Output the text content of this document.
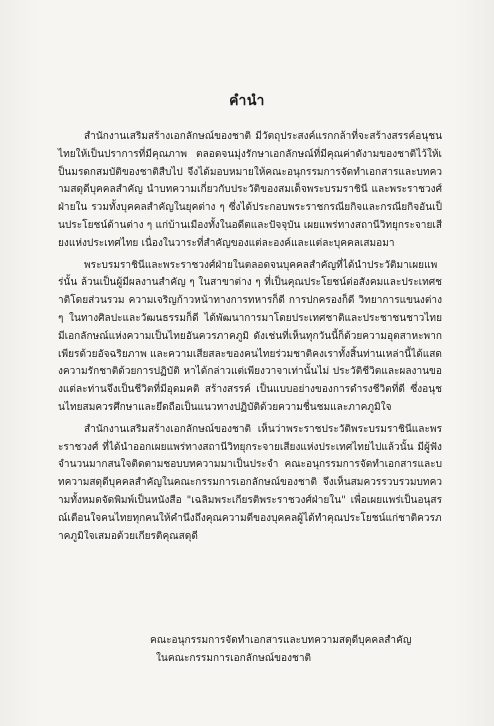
คำนำ

สำนักงานเสริมสร้างเอกลักษณ์ของชาติ มีวัตถุประสงค์แรกกล้าที่จะสร้างสรรค์อนุชนไทยให้เป็นปราการที่มีคุณภาพ ตลอดจนมุ่งรักษาเอกลักษณ์ที่มีคุณค่าดังามของชาติไว้ให้เป็นมรดกสมบัติของชาติสืบไป จึงได้มอบหมายให้คณะอนุกรรมการจัดทำเอกสารและบทความสดุดีบุคคลสำคัญ นำบทความเกี่ยวกับประวัติของสมเด็จพระบรมราชินี และพระราชวงศ์ฝ่ายใน รวมทั้งบุคคลสำคัญในยุคต่าง ๆ ซึ่งได้ประกอบพระราชกรณียกิจและกรณียกิจอันเป็นประโยชน์ด้านต่าง ๆ แก่บ้านเมืองทั้งในอดีตและปัจจุบัน เผยแพร่ทางสถานีวิทยุกระจายเสียงแห่งประเทศไทย เนื่องในวาระที่สำคัญของแต่ละองค์และแต่ละบุคคลเสมอมา

พระบรมราชินีและพระราชวงศ์ฝ่ายในตลอดจนบุคคลสำคัญที่ได้นำประวัติมาเผยแพร่นั้น ล้วนเป็นผู้มีผลงานสำคัญ ๆ ในสาขาต่าง ๆ ที่เป็นคุณประโยชน์ต่อสังคมและประเทศชาติโดยส่วนรวม ความเจริญก้าวหน้าทางการทหารก็ดี การปกครองก็ดี วิทยาการแขนงต่าง ๆ ในทางศิลปะและวัฒนธรรมก็ดี ได้พัฒนาการมาโดยประเทศชาติและประชาชนชาวไทยมีเอกลักษณ์แห่งความเป็นไทยอันควรภาคภูมิ ดังเช่นที่เห็นทุกวันนี้ก็ด้วยความอุตสาหะพากเพียรด้วยอัจฉริยภาพ และความเสียสละของคนไทยร่วมชาติคงเราทั้งสิ้นท่านเหล่านี้ได้แสดงความรักชาติด้วยการปฏิบัติ หาได้กล่าวแต่เพียงวาจาเท่านั้นไม่ ประวัติชีวิตและผลงานของแต่ละท่านจึงเป็นชีวิตที่มีอุดมคติ สร้างสรรค์ เป็นแบบอย่างของการดำรงชีวิตที่ดี ซึ่งอนุชนไทยสมควรศึกษาและยึดถือเป็นแนวทางปฏิบัติด้วยความชื่นชมและภาคภูมิใจ

สำนักงานเสริมสร้างเอกลักษณ์ของชาติ เห็นว่าพระราชประวัติพระบรมราชินีและพระราชวงศ์ ที่ได้นำออกเผยแพร่ทางสถานีวิทยุกระจายเสียงแห่งประเทศไทยไปแล้วนั้น มีผู้ฟังจำนวนมากสนใจติดตามชอบบทความมาเป็นประจำ คณะอนุกรรมการจัดทำเอกสารและบทความสดุดีบุคคลสำคัญในคณะกรรมการเอกลักษณ์ของชาติ จึงเห็นสมควรรวบรวมบทความทั้งหมดจัดพิมพ์เป็นหนังสือ "เฉลิมพระเกียรติพระราชวงศ์ฝ่ายใน" เพื่อเผยแพร่เป็นอนุสรณ์เตือนใจคนไทยทุกคนให้คำนึงถึงคุณความดีของบุคคลผู้ได้ทำคุณประโยชน์แก่ชาติควรภาคภูมิใจเสมอด้วยเกียรติคุณสดุดี

คณะอนุกรรมการจัดทำเอกสารและบทความสดุดีบุคคลสำคัญ
ในคณะกรรมการเอกลักษณ์ของชาติ
